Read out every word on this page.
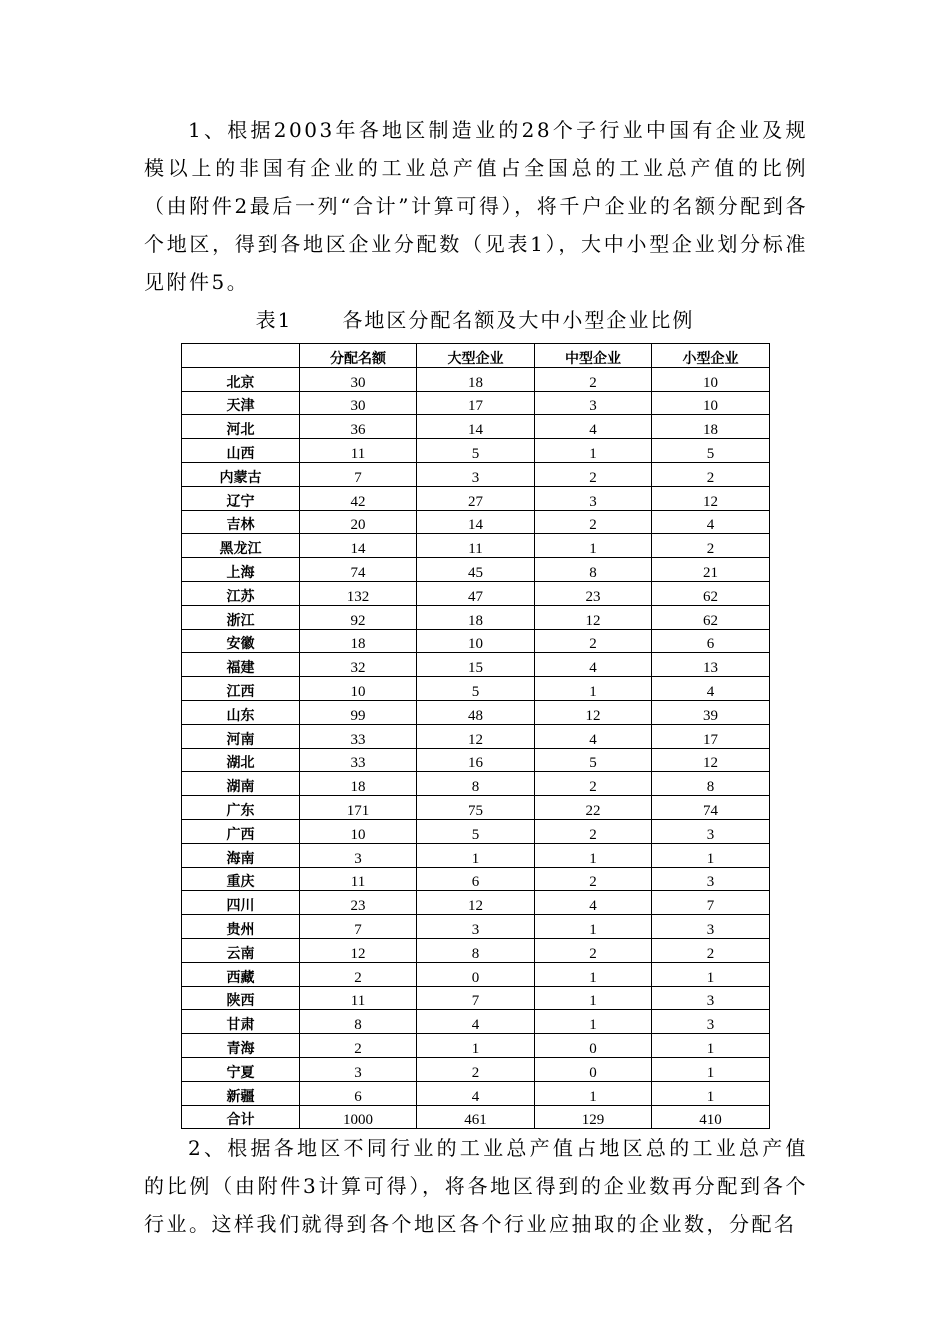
1、根据2003年各地区制造业的28个子行业中国有企业及规模以上的非国有企业的工业总产值占全国总的工业总产值的比例（由附件2最后一列“合计”计算可得），将千户企业的名额分配到各个地区，得到各地区企业分配数（见表1），大中小型企业划分标准见附件5。

表1	各地区分配名额及大中小型企业比例
	分配名额	大型企业	中型企业	小型企业
北京	30	18	2	10
天津	30	17	3	10
河北	36	14	4	18
山西	11	5	1	5
内蒙古	7	3	2	2
辽宁	42	27	3	12
吉林	20	14	2	4
黑龙江	14	11	1	2
上海	74	45	8	21
江苏	132	47	23	62
浙江	92	18	12	62
安徽	18	10	2	6
福建	32	15	4	13
江西	10	5	1	4
山东	99	48	12	39
河南	33	12	4	17
湖北	33	16	5	12
湖南	18	8	2	8
广东	171	75	22	74
广西	10	5	2	3
海南	3	1	1	1
重庆	11	6	2	3
四川	23	12	4	7
贵州	7	3	1	3
云南	12	8	2	2
西藏	2	0	1	1
陕西	11	7	1	3
甘肃	8	4	1	3
青海	2	1	0	1
宁夏	3	2	0	1
新疆	6	4	1	1
合计	1000	461	129	410

2、根据各地区不同行业的工业总产值占地区总的工业总产值的比例（由附件3计算可得），将各地区得到的企业数再分配到各个行业。这样我们就得到各个地区各个行业应抽取的企业数，分配名
